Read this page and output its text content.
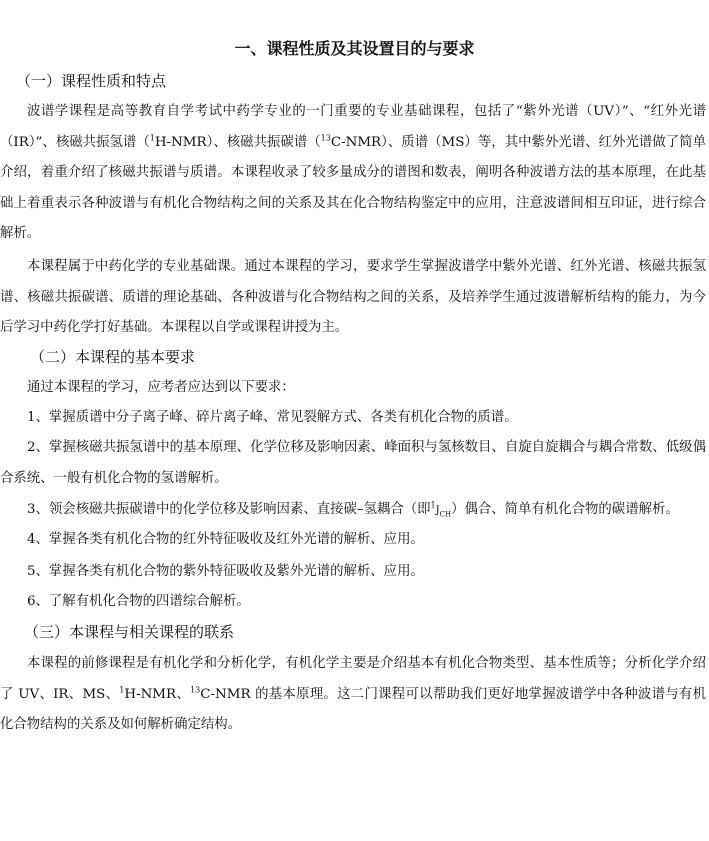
一、课程性质及其设置目的与要求
（一）课程性质和特点
波谱学课程是高等教育自学考试中药学专业的一门重要的专业基础课程，包括了“紫外光谱（UV）”、“红外光谱（IR）”、核磁共振氢谱（$^1$H-NMR）、核磁共振碳谱（$^{13}$C-NMR）、质谱（MS）等，其中紫外光谱、红外光谱做了简单介绍，着重介绍了核磁共振谱与质谱。本课程收录了较多量成分的谱图和数表，阐明各种波谱方法的基本原理，在此基础上着重表示各种波谱与有机化合物结构之间的关系及其在化合物结构鉴定中的应用，注意波谱间相互印证，进行综合解析。
本课程属于中药化学的专业基础课。通过本课程的学习，要求学生掌握波谱学中紫外光谱、红外光谱、核磁共振氢谱、核磁共振碳谱、质谱的理论基础、各种波谱与化合物结构之间的关系，及培养学生通过波谱解析结构的能力，为今后学习中药化学打好基础。本课程以自学或课程讲授为主。
（二）本课程的基本要求
通过本课程的学习，应考者应达到以下要求：
1、掌握质谱中分子离子峰、碎片离子峰、常见裂解方式、各类有机化合物的质谱。
2、掌握核磁共振氢谱中的基本原理、化学位移及影响因素、峰面积与氢核数目、自旋自旋耦合与耦合常数、低级偶合系统、一般有机化合物的氢谱解析。
3、领会核磁共振碳谱中的化学位移及影响因素、直接碳–氢耦合（即$^1J_{CH}$）偶合、简单有机化合物的碳谱解析。
4、掌握各类有机化合物的红外特征吸收及红外光谱的解析、应用。
5、掌握各类有机化合物的紫外特征吸收及紫外光谱的解析、应用。
6、了解有机化合物的四谱综合解析。
（三）本课程与相关课程的联系
本课程的前修课程是有机化学和分析化学，有机化学主要是介绍基本有机化合物类型、基本性质等；分析化学介绍了 UV、IR、MS、$^1$H-NMR、$^{13}$C-NMR 的基本原理。这二门课程可以帮助我们更好地掌握波谱学中各种波谱与有机化合物结构的关系及如何解析确定结构。
